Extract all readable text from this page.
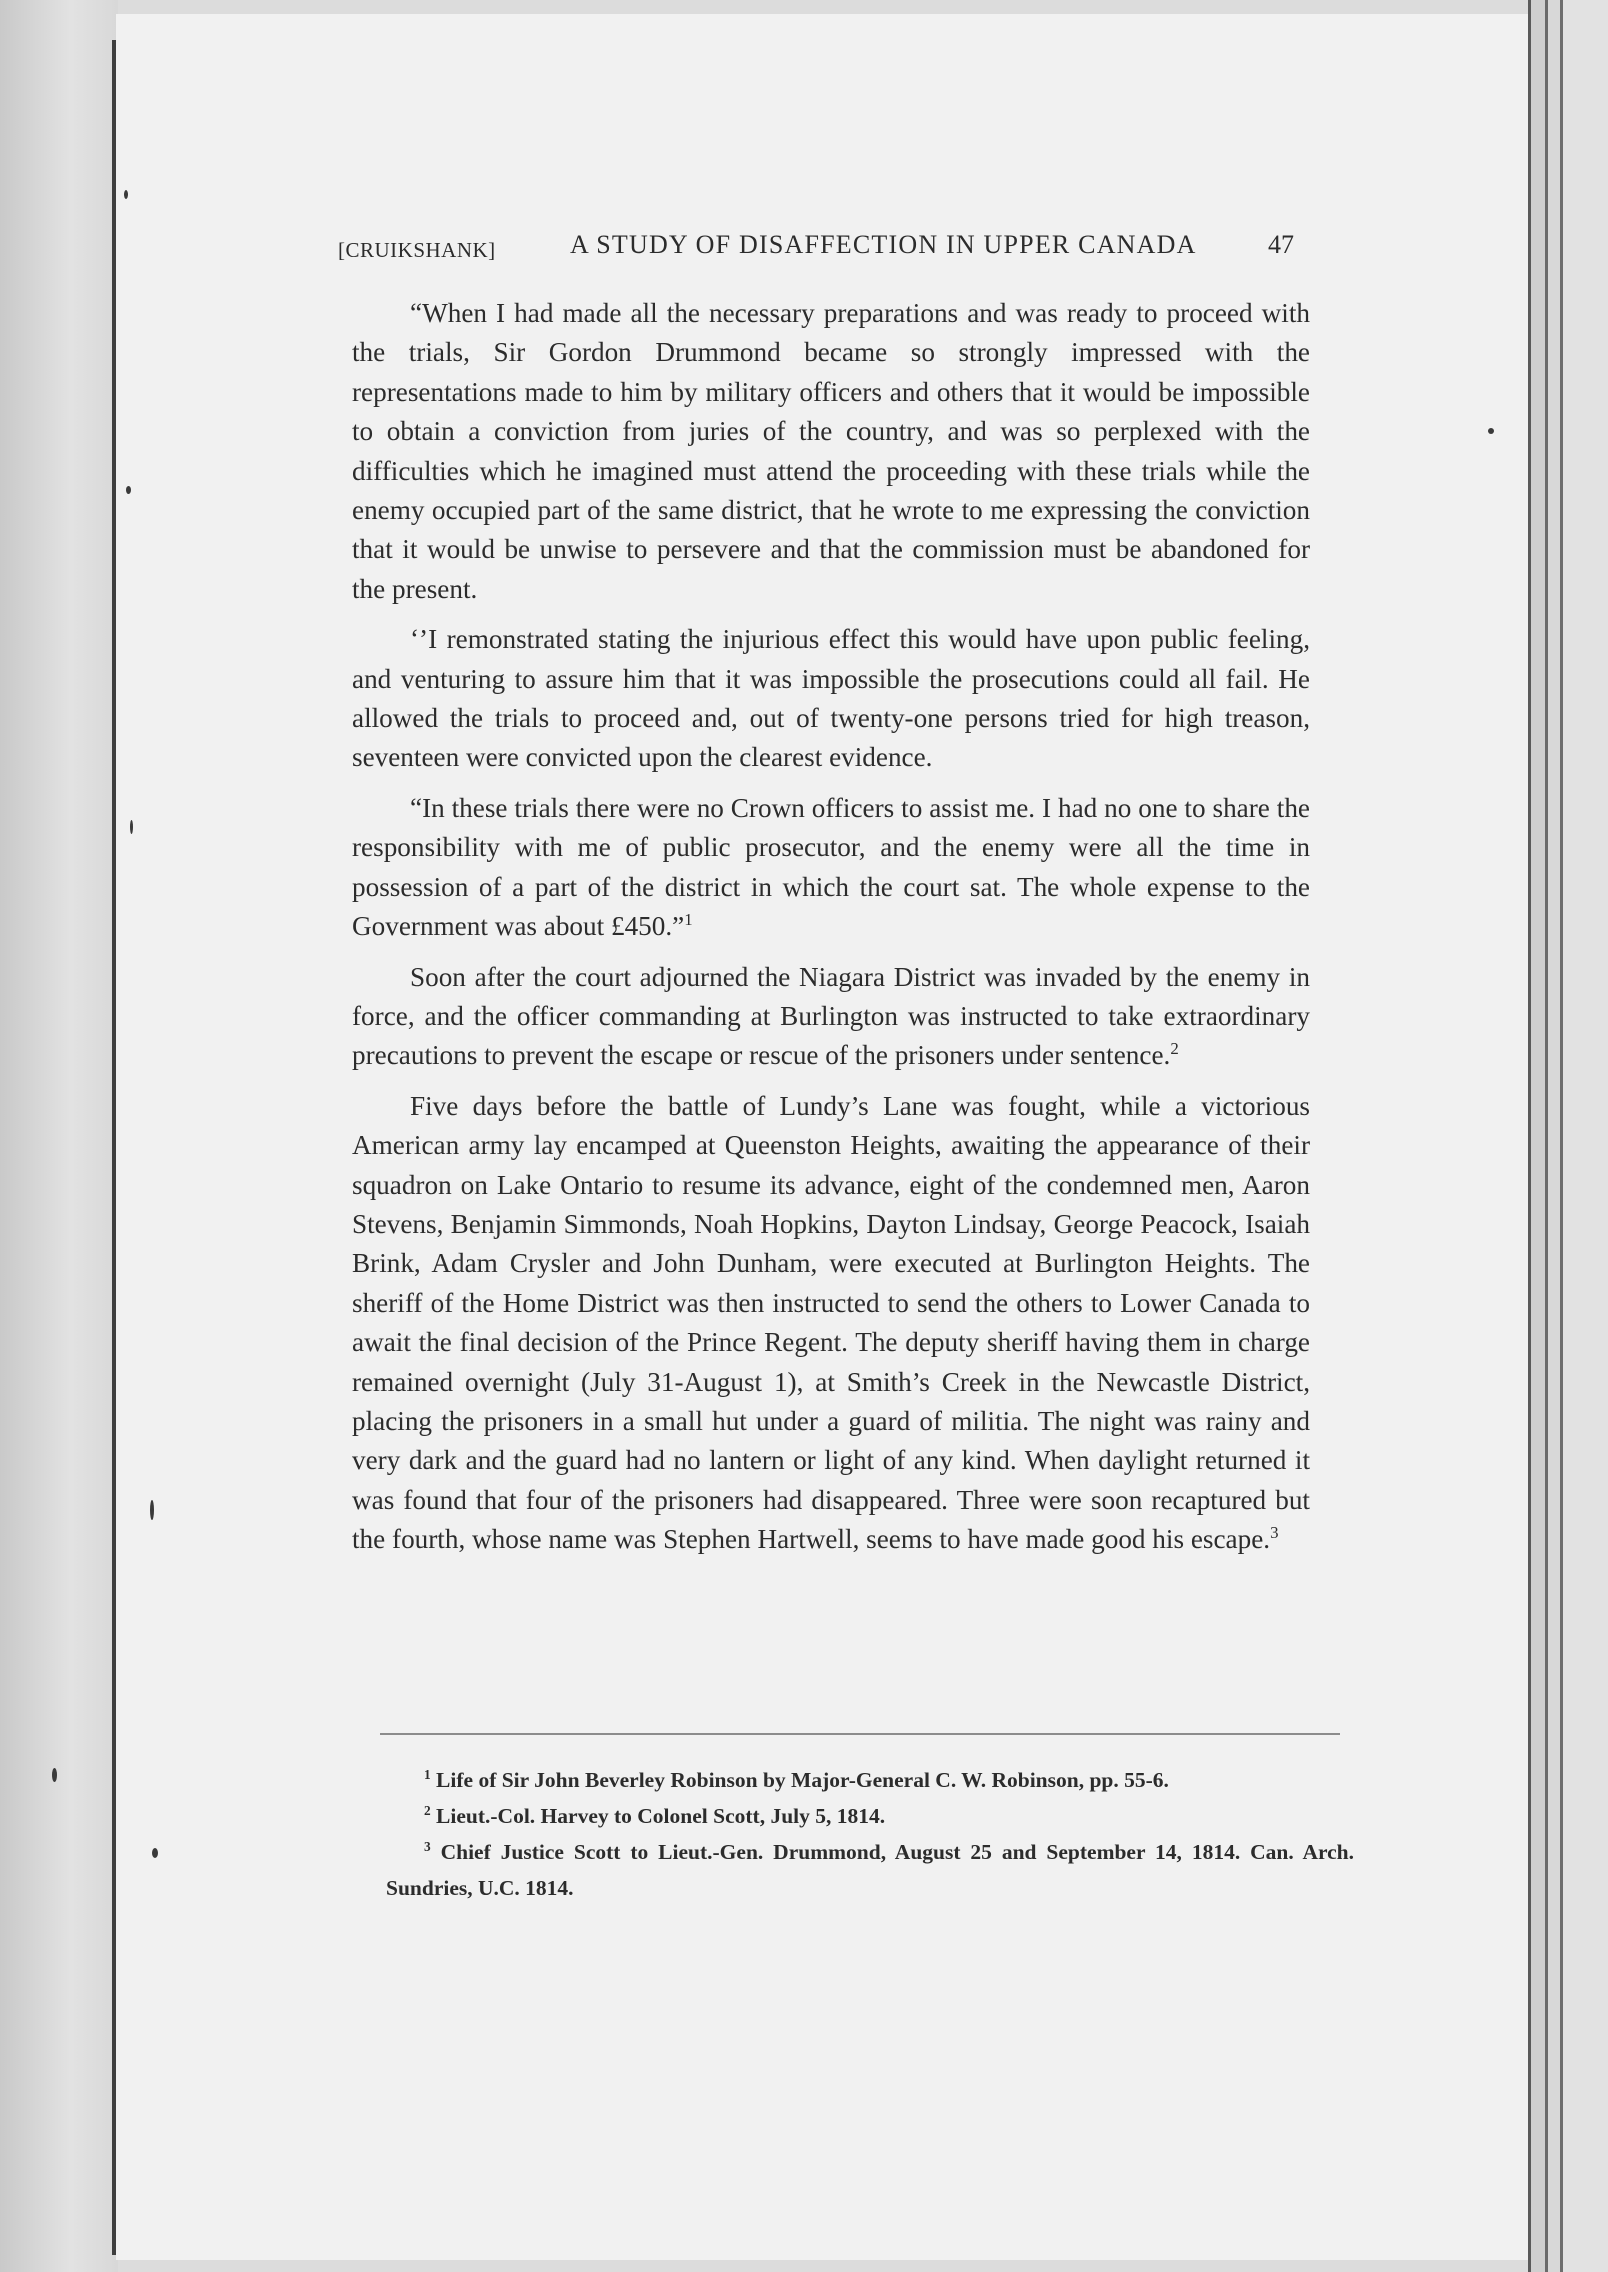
[CRUIKSHANK]	A STUDY OF DISAFFECTION IN UPPER CANADA	47

“When I had made all the necessary preparations and was ready to proceed with the trials, Sir Gordon Drummond became so strongly impressed with the representations made to him by military officers and others that it would be impossible to obtain a conviction from juries of the country, and was so perplexed with the difficulties which he imagined must attend the proceeding with these trials while the enemy occupied part of the same district, that he wrote to me expressing the conviction that it would be unwise to persevere and that the commission must be abandoned for the present.

‘’I remonstrated stating the injurious effect this would have upon public feeling, and venturing to assure him that it was impossible the prosecutions could all fail. He allowed the trials to proceed and, out of twenty-one persons tried for high treason, seventeen were convicted upon the clearest evidence.

“In these trials there were no Crown officers to assist me. I had no one to share the responsibility with me of public prosecutor, and the enemy were all the time in possession of a part of the district in which the court sat. The whole expense to the Government was about £450.”$^1$

Soon after the court adjourned the Niagara District was invaded by the enemy in force, and the officer commanding at Burlington was instructed to take extraordinary precautions to prevent the escape or rescue of the prisoners under sentence.$^2$

Five days before the battle of Lundy’s Lane was fought, while a victorious American army lay encamped at Queenston Heights, awaiting the appearance of their squadron on Lake Ontario to resume its advance, eight of the condemned men, Aaron Stevens, Benjamin Simmonds, Noah Hopkins, Dayton Lindsay, George Peacock, Isaiah Brink, Adam Crysler and John Dunham, were executed at Burlington Heights. The sheriff of the Home District was then instructed to send the others to Lower Canada to await the final decision of the Prince Regent. The deputy sheriff having them in charge remained overnight (July 31-August 1), at Smith’s Creek in the Newcastle District, placing the prisoners in a small hut under a guard of militia. The night was rainy and very dark and the guard had no lantern or light of any kind. When daylight returned it was found that four of the prisoners had disappeared. Three were soon recaptured but the fourth, whose name was Stephen Hartwell, seems to have made good his escape.$^3$

$^1$ Life of Sir John Beverley Robinson by Major-General C. W. Robinson, pp. 55-6.

$^2$ Lieut.-Col. Harvey to Colonel Scott, July 5, 1814.

$^3$ Chief Justice Scott to Lieut.-Gen. Drummond, August 25 and September 14, 1814. Can. Arch. Sundries, U.C. 1814.
